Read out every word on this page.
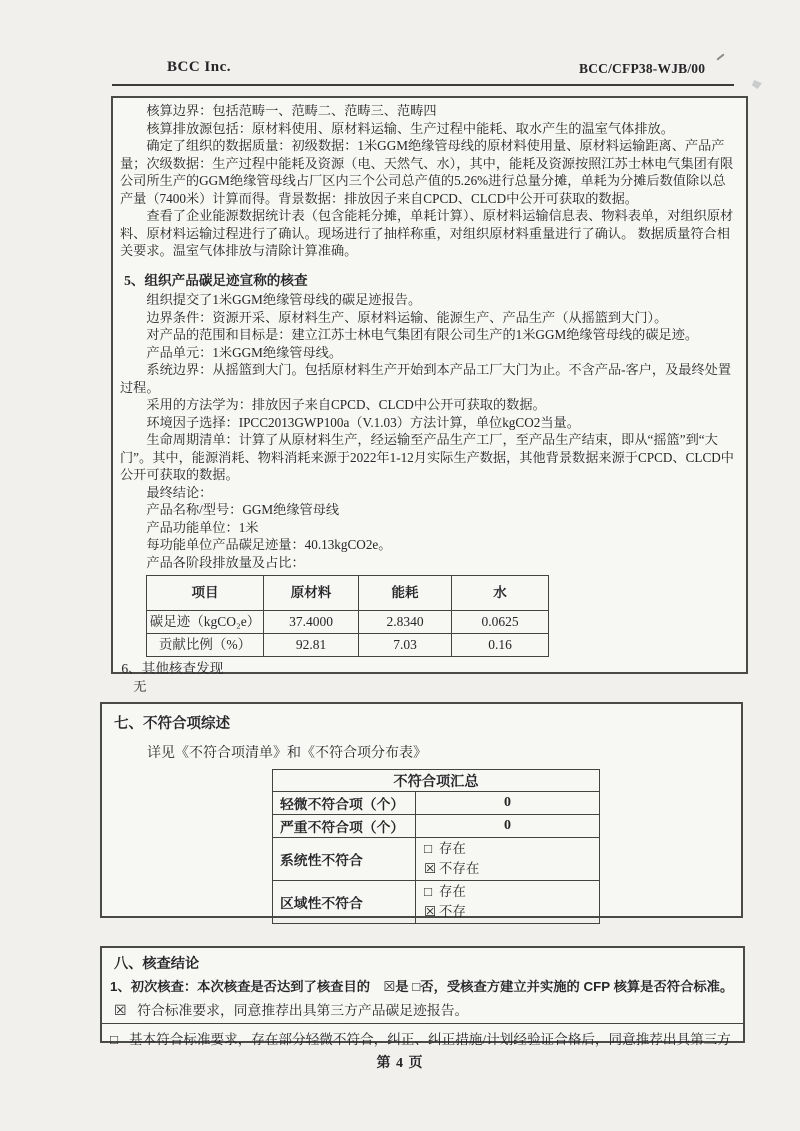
BCC Inc.	BCC/CFP38-WJB/00

核算边界：包括范畴一、范畴二、范畴三、范畴四

核算排放源包括：原材料使用、原材料运输、生产过程中能耗、取水产生的温室气体排放。

确定了组织的数据质量：初级数据：1米GGM绝缘管母线的原材料使用量、原材料运输距离、产品产量；次级数据：生产过程中能耗及资源（电、天然气、水），其中，能耗及资源按照江苏士林电气集团有限公司所生产的GGM绝缘管母线占厂区内三个公司总产值的5.26%进行总量分摊，单耗为分摊后数值除以总产量（7400米）计算而得。背景数据：排放因子来自CPCD、CLCD中公开可获取的数据。

查看了企业能源数据统计表（包含能耗分摊，单耗计算）、原材料运输信息表、物料表单，对组织原材料、原材料运输过程进行了确认。现场进行了抽样称重，对组织原材料重量进行了确认。 数据质量符合相关要求。温室气体排放与清除计算准确。

5、组织产品碳足迹宣称的核查

组织提交了1米GGM绝缘管母线的碳足迹报告。

边界条件：资源开采、原材料生产、原材料运输、能源生产、产品生产（从摇篮到大门）。

对产品的范围和目标是：建立江苏士林电气集团有限公司生产的1米GGM绝缘管母线的碳足迹。

产品单元：1米GGM绝缘管母线。

系统边界：从摇篮到大门。包括原材料生产开始到本产品工厂大门为止。不含产品-客户，及最终处置过程。

采用的方法学为：排放因子来自CPCD、CLCD中公开可获取的数据。

环境因子选择：IPCC2013GWP100a（V.1.03）方法计算，单位kgCO2当量。

生命周期清单：计算了从原材料生产，经运输至产品生产工厂，至产品生产结束，即从“摇篮”到“大门”。其中，能源消耗、物料消耗来源于2022年1-12月实际生产数据，其他背景数据来源于CPCD、CLCD中公开可获取的数据。

最终结论：

产品名称/型号：GGM绝缘管母线

产品功能单位：1米

每功能单位产品碳足迹量：40.13kgCO2e。

产品各阶段排放量及占比：

项目	原材料	能耗	水
碳足迹（kgCO₂e）	37.4000	2.8340	0.0625
贡献比例（%）	92.81	7.03	0.16
6、其他核查发现

无

七、不符合项综述

详见《不符合项清单》和《不符合项分布表》

不符合项汇总	
轻微不符合项（个）	0
严重不符合项（个）	0
系统性不符合	□ 存在
☒ 不存在

区域性不符合	□ 存在
☒ 不存
八、核查结论

1、初次核查：本次核查是否达到了核查目的　☒是 □否，受核查方建立并实施的 CFP 核算是否符合标准。

☒ 符合标准要求，同意推荐出具第三方产品碳足迹报告。

□ 基本符合标准要求，存在部分轻微不符合，纠正、纠正措施/计划经验证合格后，同意推荐出具第三方

第 4 页
